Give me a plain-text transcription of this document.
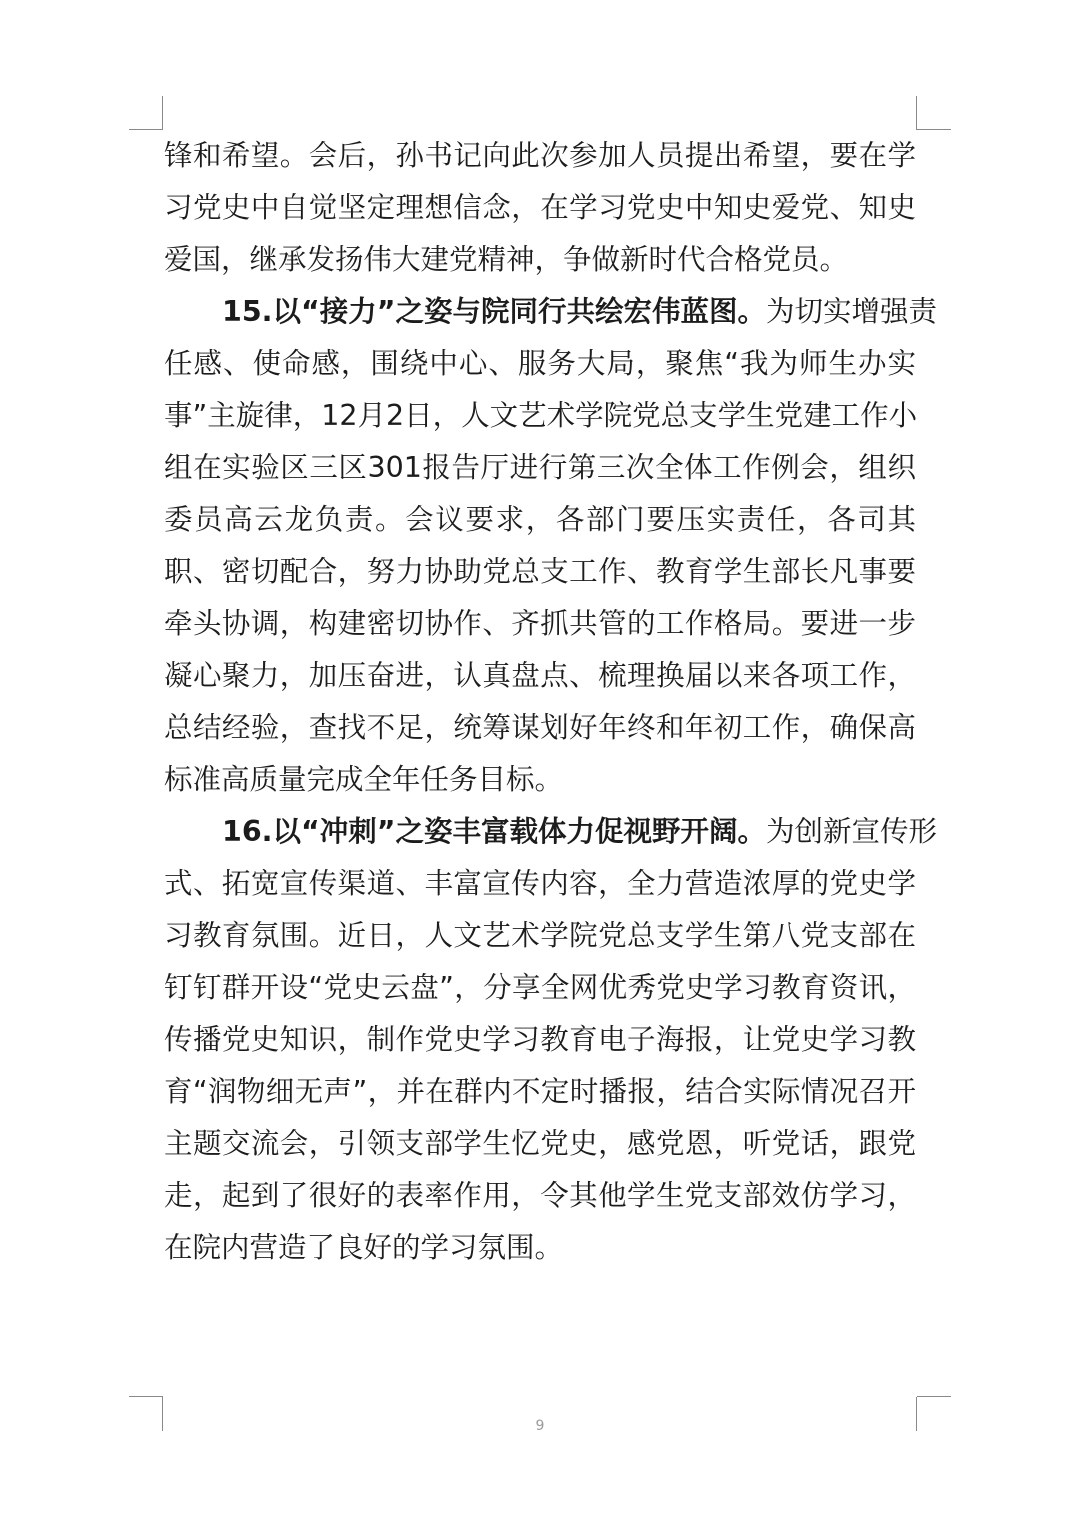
锋和希望。会后，孙书记向此次参加人员提出希望，要在学
习党史中自觉坚定理想信念，在学习党史中知史爱党、知史
爱国，继承发扬伟大建党精神，争做新时代合格党员。
15.以“接力”之姿与院同行共绘宏伟蓝图。为切实增强责
任感、使命感，围绕中心、服务大局，聚焦“我为师生办实
事”主旋律，12月2日，人文艺术学院党总支学生党建工作小
组在实验区三区301报告厅进行第三次全体工作例会，组织
委员高云龙负责。会议要求，各部门要压实责任，各司其
职、密切配合，努力协助党总支工作、教育学生部长凡事要
牵头协调，构建密切协作、齐抓共管的工作格局。要进一步
凝心聚力，加压奋进，认真盘点、梳理换届以来各项工作，
总结经验，查找不足，统筹谋划好年终和年初工作，确保高
标准高质量完成全年任务目标。
16.以“冲刺”之姿丰富载体力促视野开阔。为创新宣传形
式、拓宽宣传渠道、丰富宣传内容，全力营造浓厚的党史学
习教育氛围。近日，人文艺术学院党总支学生第八党支部在
钉钉群开设“党史云盘”，分享全网优秀党史学习教育资讯，
传播党史知识，制作党史学习教育电子海报，让党史学习教
育“润物细无声”，并在群内不定时播报，结合实际情况召开
主题交流会，引领支部学生忆党史，感党恩，听党话，跟党
走，起到了很好的表率作用，令其他学生党支部效仿学习，
在院内营造了良好的学习氛围。
9
